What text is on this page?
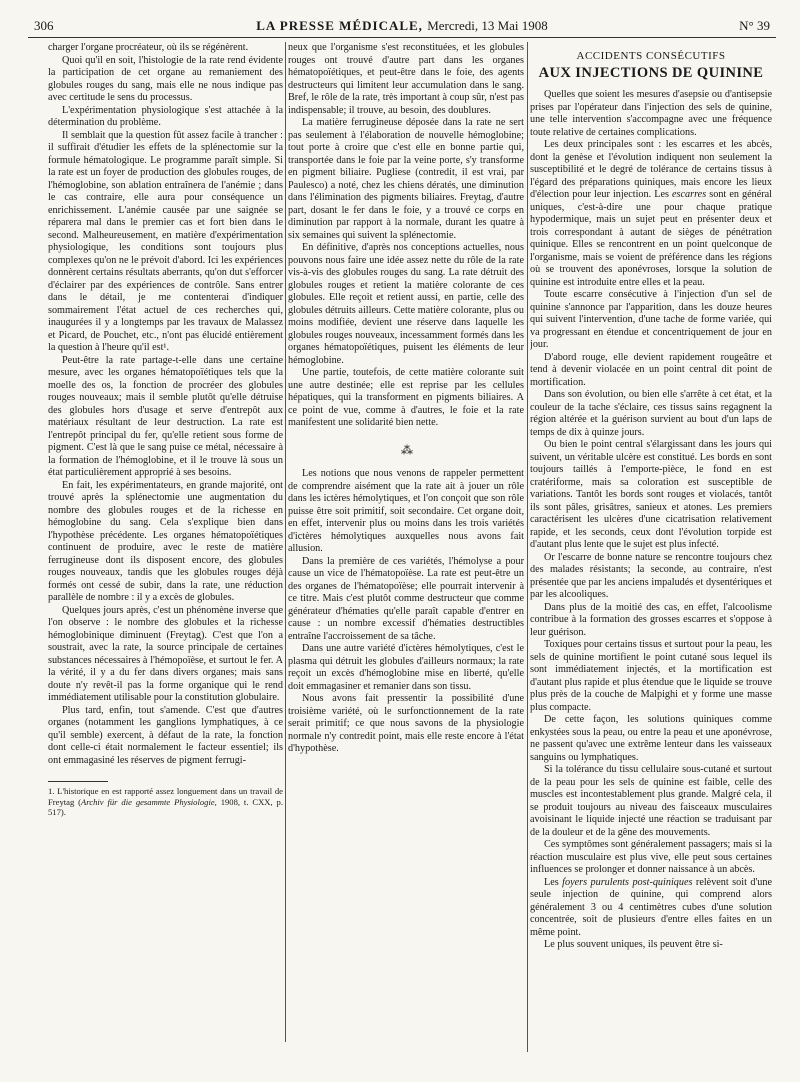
306	LA PRESSE MÉDICALE, Mercredi, 13 Mai 1908	N° 39

charger l'organe procréateur, où ils se régénèrent.

Quoi qu'il en soit, l'histologie de la rate rend évidente la participation de cet organe au remaniement des globules rouges du sang, mais elle ne nous indique pas avec certitude le sens du processus.

L'expérimentation physiologique s'est attachée à la détermination du problème.

Il semblait que la question fût assez facile à trancher : il suffirait d'étudier les effets de la splénectomie sur la formule hématologique. Le programme paraît simple. Si la rate est un foyer de production des globules rouges, de l'hémoglobine, son ablation entraînera de l'anémie ; dans le cas contraire, elle aura pour conséquence un enrichissement. L'anémie causée par une saignée se réparera mal dans le premier cas et fort bien dans le second. Malheureusement, en matière d'expérimentation physiologique, les conditions sont toujours plus complexes qu'on ne le prévoit d'abord. Ici les expériences donnèrent certains résultats aberrants, qu'on dut s'efforcer d'éclairer par des expériences de contrôle. Sans entrer dans le détail, je me contenterai d'indiquer sommairement l'état actuel de ces recherches qui, inaugurées il y a longtemps par les travaux de Malassez et Picard, de Pouchet, etc., n'ont pas élucidé entièrement la question à l'heure qu'il est¹.

Peut-être la rate partage-t-elle dans une certaine mesure, avec les organes hématopoïétiques tels que la moelle des os, la fonction de procréer des globules rouges nouveaux; mais il semble plutôt qu'elle détruise des globules hors d'usage et serve d'entrepôt aux matériaux résultant de leur destruction. La rate est l'entrepôt principal du fer, qu'elle retient sous forme de pigment. C'est là que le sang puise ce métal, nécessaire à la formation de l'hémoglobine, et il le trouve là sous un état particulièrement approprié à ses besoins.

En fait, les expérimentateurs, en grande majorité, ont trouvé après la splénectomie une augmentation du nombre des globules rouges et de la richesse en hémoglobine du sang. Cela s'explique bien dans l'hypothèse précédente. Les organes hématopoïétiques continuent de produire, avec le reste de matière ferrugineuse dont ils disposent encore, des globules rouges nouveaux, tandis que les globules rouges déjà formés ont cessé de subir, dans la rate, une réduction parallèle de nombre : il y a excès de globules.

Quelques jours après, c'est un phénomène inverse que l'on observe : le nombre des globules et la richesse hémoglobinique diminuent (Freytag). C'est que l'on a soustrait, avec la rate, la source principale de certaines substances nécessaires à l'hémopoïèse, et surtout le fer. A la vérité, il y a du fer dans divers organes; mais sans doute n'y revêt-il pas la forme organique qui le rend immédiatement utilisable pour la constitution globulaire.

Plus tard, enfin, tout s'amende. C'est que d'autres organes (notamment les ganglions lymphatiques, à ce qu'il semble) exercent, à défaut de la rate, la fonction dont celle-ci était normalement le facteur essentiel; ils ont emmagasiné les réserves de pigment ferrugi-

1. L'historique en est rapporté assez longuement dans un travail de Freytag (Archiv für die gesammte Physiologie, 1908, t. CXX, p. 517).

neux que l'organisme s'est reconstituées, et les globules rouges ont trouvé d'autre part dans les organes hématopoïétiques, et peut-être dans le foie, des agents destructeurs qui limitent leur accumulation dans le sang. Bref, le rôle de la rate, très important à coup sûr, n'est pas indispensable; il trouve, au besoin, des doublures.

La matière ferrugineuse déposée dans la rate ne sert pas seulement à l'élaboration de nouvelle hémoglobine; tout porte à croire que c'est elle en bonne partie qui, transportée dans le foie par la veine porte, s'y transforme en pigment biliaire. Pugliese (contredit, il est vrai, par Paulesco) a noté, chez les chiens dératés, une diminution dans l'élimination des pigments biliaires. Freytag, d'autre part, dosant le fer dans le foie, y a trouvé ce corps en diminution par rapport à la normale, durant les quatre à six semaines qui suivent la splénectomie.

En définitive, d'après nos conceptions actuelles, nous pouvons nous faire une idée assez nette du rôle de la rate vis-à-vis des globules rouges du sang. La rate détruit des globules rouges et retient la matière colorante de ces globules. Elle reçoit et retient aussi, en partie, celle des globules détruits ailleurs. Cette matière colorante, plus ou moins modifiée, devient une réserve dans laquelle les globules rouges nouveaux, incessamment formés dans les organes hématopoïétiques, puisent les éléments de leur hémoglobine.

Une partie, toutefois, de cette matière colorante suit une autre destinée; elle est reprise par les cellules hépatiques, qui la transforment en pigments biliaires. A ce point de vue, comme à d'autres, le foie et la rate manifestent une solidarité bien nette.

⁂

Les notions que nous venons de rappeler permettent de comprendre aisément que la rate ait à jouer un rôle dans les ictères hémolytiques, et l'on conçoit que son rôle puisse être soit primitif, soit secondaire. Cet organe doit, en effet, intervenir plus ou moins dans les trois variétés d'ictères hémolytiques auxquelles nous avons fait allusion.

Dans la première de ces variétés, l'hémolyse a pour cause un vice de l'hématopoïèse. La rate est peut-être un des organes de l'hématopoïèse; elle pourrait intervenir à ce titre. Mais c'est plutôt comme destructeur que comme générateur d'hématies qu'elle paraît capable d'entrer en cause : un nombre excessif d'hématies destructibles entraîne l'accroissement de sa tâche.

Dans une autre variété d'ictères hémolytiques, c'est le plasma qui détruit les globules d'ailleurs normaux; la rate reçoit un excès d'hémoglobine mise en liberté, qu'elle doit emmagasiner et remanier dans son tissu.

Nous avons fait pressentir la possibilité d'une troisième variété, où le surfonctionnement de la rate serait primitif; ce que nous savons de la physiologie normale n'y contredit point, mais elle reste encore à l'état d'hypothèse.

ACCIDENTS CONSÉCUTIFS
AUX INJECTIONS DE QUININE

Quelles que soient les mesures d'asepsie ou d'antisepsie prises par l'opérateur dans l'injection des sels de quinine, une telle intervention s'accompagne avec une fréquence toute relative de certaines complications.

Les deux principales sont : les escarres et les abcès, dont la genèse et l'évolution indiquent non seulement la susceptibilité et le degré de tolérance de certains tissus à l'égard des préparations quiniques, mais encore les lieux d'élection pour leur injection. Les escarres sont en général uniques, c'est-à-dire une pour chaque pratique hypodermique, mais un sujet peut en présenter deux et trois correspondant à autant de sièges de pénétration quinique. Elles se rencontrent en un point quelconque de l'organisme, mais se voient de préférence dans les régions où se trouvent des aponévroses, lorsque la solution de quinine est introduite entre elles et la peau.

Toute escarre consécutive à l'injection d'un sel de quinine s'annonce par l'apparition, dans les douze heures qui suivent l'intervention, d'une tache de forme variée, qui va progressant en étendue et concentriquement de jour en jour.

D'abord rouge, elle devient rapidement rougeâtre et tend à devenir violacée en un point central dit point de mortification.

Dans son évolution, ou bien elle s'arrête à cet état, et la couleur de la tache s'éclaire, ces tissus sains regagnent la région altérée et la guérison survient au bout d'un laps de temps de dix à quinze jours.

Ou bien le point central s'élargissant dans les jours qui suivent, un véritable ulcère est constitué. Les bords en sont toujours taillés à l'emporte-pièce, le fond en est cratériforme, mais sa coloration est susceptible de variations. Tantôt les bords sont rouges et violacés, tantôt ils sont pâles, grisâtres, sanieux et atones. Les premiers caractérisent les ulcères d'une cicatrisation relativement rapide, et les seconds, ceux dont l'évolution torpide est d'autant plus lente que le sujet est plus infecté.

Or l'escarre de bonne nature se rencontre toujours chez des malades résistants; la seconde, au contraire, n'est présentée que par les anciens impaludés et dysentériques et par les alcooliques.

Dans plus de la moitié des cas, en effet, l'alcoolisme contribue à la formation des grosses escarres et s'oppose à leur guérison.

Toxiques pour certains tissus et surtout pour la peau, les sels de quinine mortifient le point cutané sous lequel ils sont immédiatement injectés, et la mortification est d'autant plus rapide et plus étendue que le liquide se trouve plus près de la couche de Malpighi et y forme une masse plus compacte.

De cette façon, les solutions quiniques comme enkystées sous la peau, ou entre la peau et une aponévrose, ne passent qu'avec une extrême lenteur dans les vaisseaux sanguins ou lymphatiques.

Si la tolérance du tissu cellulaire sous-cutané et surtout de la peau pour les sels de quinine est faible, celle des muscles est incontestablement plus grande. Malgré cela, il se produit toujours au niveau des faisceaux musculaires avoisinant le liquide injecté une réaction se traduisant par de la douleur et de la gêne des mouvements.

Ces symptômes sont généralement passagers; mais si la réaction musculaire est plus vive, elle peut sous certaines influences se prolonger et donner naissance à un abcès.

Les foyers purulents post-quiniques relèvent soit d'une seule injection de quinine, qui comprend alors généralement 3 ou 4 centimètres cubes d'une solution concentrée, soit de plusieurs d'entre elles faites en un même point.

Le plus souvent uniques, ils peuvent être si-
